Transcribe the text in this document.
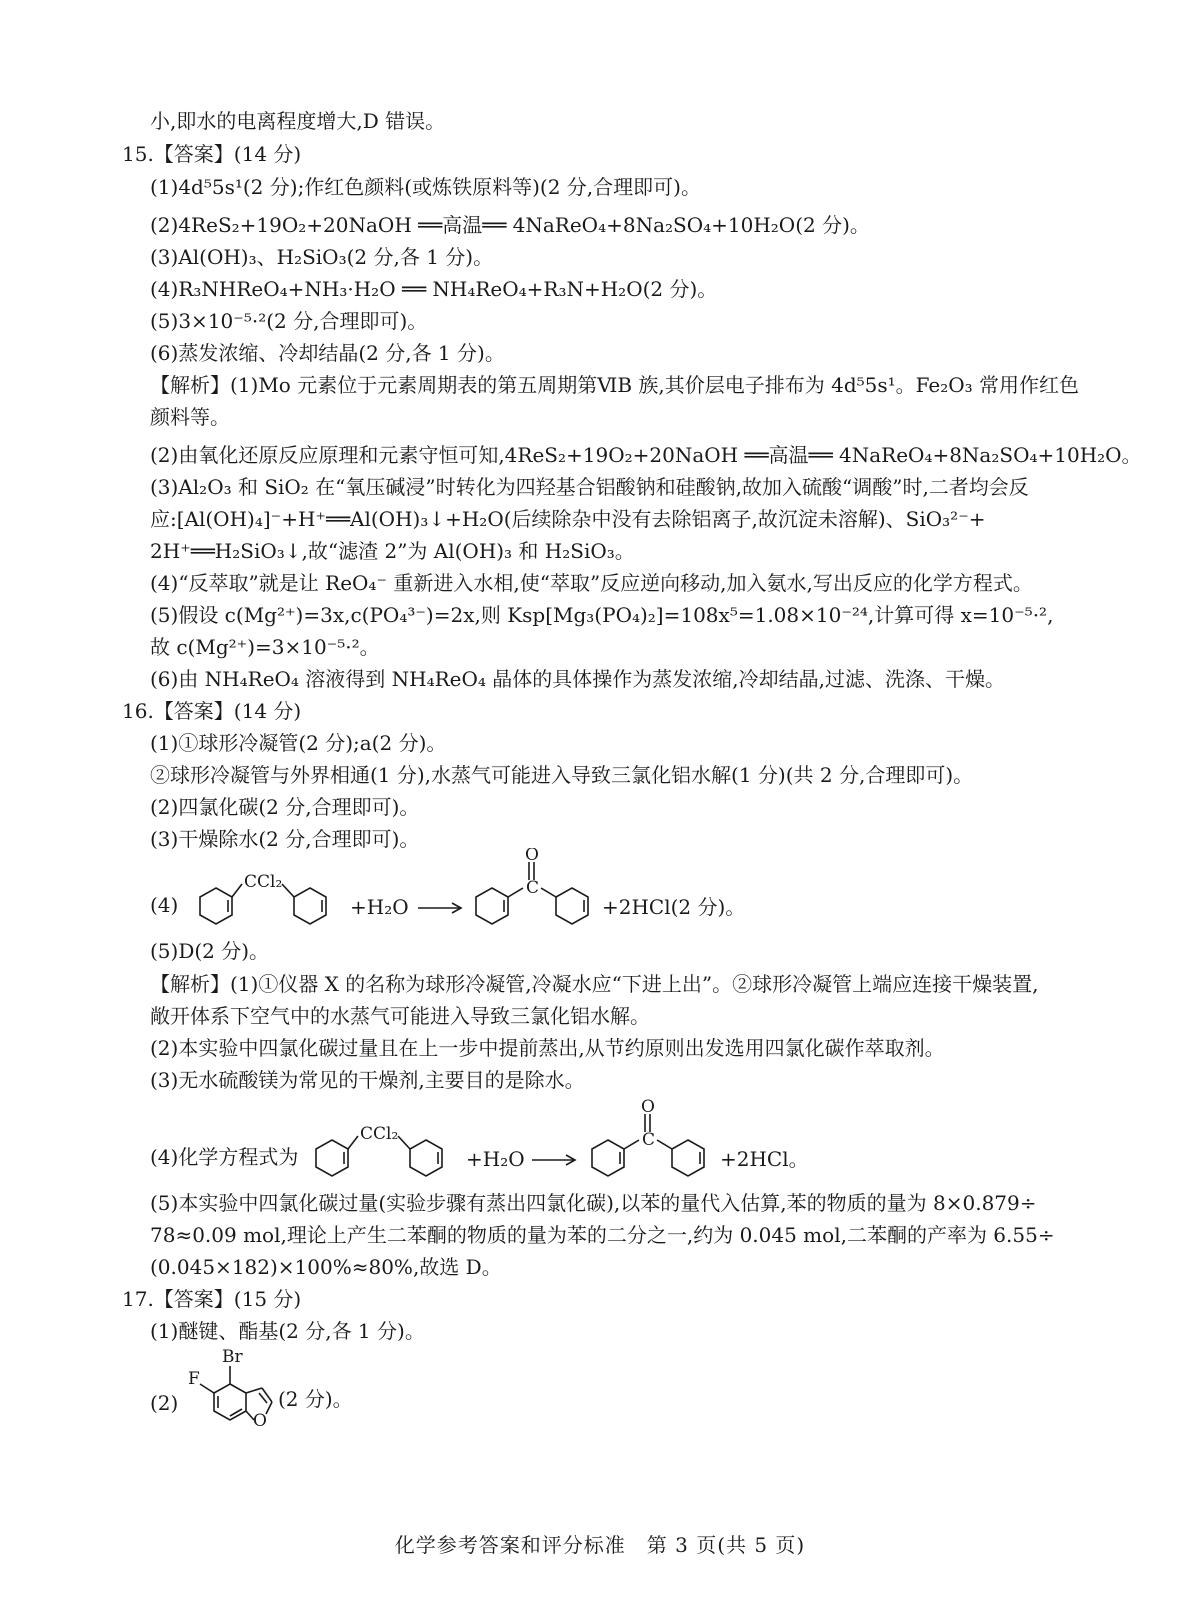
小,即水的电离程度增大,D 错误。
15.【答案】(14 分)
(1)4d⁵5s¹(2 分);作红色颜料(或炼铁原料等)(2 分,合理即可)。
(2)4ReS₂+19O₂+20NaOH ══高温══ 4NaReO₄+8Na₂SO₄+10H₂O(2 分)。
(3)Al(OH)₃、H₂SiO₃(2 分,各 1 分)。
(4)R₃NHReO₄+NH₃·H₂O ══ NH₄ReO₄+R₃N+H₂O(2 分)。
(5)3×10⁻⁵·²(2 分,合理即可)。
(6)蒸发浓缩、冷却结晶(2 分,各 1 分)。
【解析】(1)Mo 元素位于元素周期表的第五周期第ⅥB 族,其价层电子排布为 4d⁵5s¹。Fe₂O₃ 常用作红色
颜料等。
(2)由氧化还原反应原理和元素守恒可知,4ReS₂+19O₂+20NaOH ══高温══ 4NaReO₄+8Na₂SO₄+10H₂O。
(3)Al₂O₃ 和 SiO₂ 在“氧压碱浸”时转化为四羟基合铝酸钠和硅酸钠,故加入硫酸“调酸”时,二者均会反
应:[Al(OH)₄]⁻+H⁺══Al(OH)₃↓+H₂O(后续除杂中没有去除铝离子,故沉淀未溶解)、SiO₃²⁻+
2H⁺══H₂SiO₃↓,故“滤渣 2”为 Al(OH)₃ 和 H₂SiO₃。
(4)“反萃取”就是让 ReO₄⁻ 重新进入水相,使“萃取”反应逆向移动,加入氨水,写出反应的化学方程式。
(5)假设 c(Mg²⁺)=3x,c(PO₄³⁻)=2x,则 Ksp[Mg₃(PO₄)₂]=108x⁵=1.08×10⁻²⁴,计算可得 x=10⁻⁵·²,
故 c(Mg²⁺)=3×10⁻⁵·²。
(6)由 NH₄ReO₄ 溶液得到 NH₄ReO₄ 晶体的具体操作为蒸发浓缩,冷却结晶,过滤、洗涤、干燥。
16.【答案】(14 分)
(1)①球形冷凝管(2 分);a(2 分)。
②球形冷凝管与外界相通(1 分),水蒸气可能进入导致三氯化铝水解(1 分)(共 2 分,合理即可)。
(2)四氯化碳(2 分,合理即可)。
(3)干燥除水(2 分,合理即可)。
(4)
CCl₂
+H₂O
O
C
+2HCl(2 分)。
(5)D(2 分)。
【解析】(1)①仪器 X 的名称为球形冷凝管,冷凝水应“下进上出”。②球形冷凝管上端应连接干燥装置,
敞开体系下空气中的水蒸气可能进入导致三氯化铝水解。
(2)本实验中四氯化碳过量且在上一步中提前蒸出,从节约原则出发选用四氯化碳作萃取剂。
(3)无水硫酸镁为常见的干燥剂,主要目的是除水。
(4)化学方程式为
CCl₂
+H₂O
O
C
+2HCl。
(5)本实验中四氯化碳过量(实验步骤有蒸出四氯化碳),以苯的量代入估算,苯的物质的量为 8×0.879÷
78≈0.09 mol,理论上产生二苯酮的物质的量为苯的二分之一,约为 0.045 mol,二苯酮的产率为 6.55÷
(0.045×182)×100%≈80%,故选 D。
17.【答案】(15 分)
(1)醚键、酯基(2 分,各 1 分)。
(2)
Br
F
O
(2 分)。
化学参考答案和评分标准　第 3 页(共 5 页)
